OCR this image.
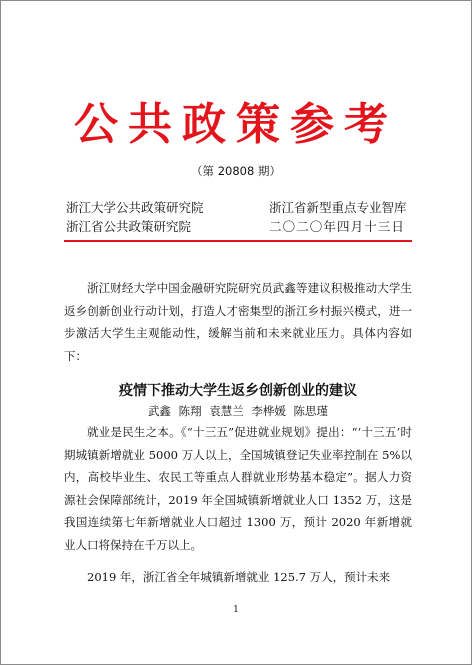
公共政策参考
（第 20808 期）
浙江大学公共政策研究院
浙江省公共政策研究院
浙江省新型重点专业智库
二〇二〇年四月十三日
浙江财经大学中国金融研究院研究员武鑫等建议积极推动大学生返乡创新创业行动计划，打造人才密集型的浙江乡村振兴模式，进一步激活大学生主观能动性，缓解当前和未来就业压力。具体内容如下：
疫情下推动大学生返乡创新创业的建议
武鑫 陈翔 袁慧兰 李桦媛 陈思瑾
就业是民生之本。《“十三五”促进就业规划》提出：“‘十三五’时期城镇新增就业 5000 万人以上，全国城镇登记失业率控制在 5%以内，高校毕业生、农民工等重点人群就业形势基本稳定”。据人力资源社会保障部统计，2019 年全国城镇新增就业人口 1352 万，这是我国连续第七年新增就业人口超过 1300 万，预计 2020 年新增就业人口将保持在千万以上。
2019 年，浙江省全年城镇新增就业 125.7 万人，预计未来
1
